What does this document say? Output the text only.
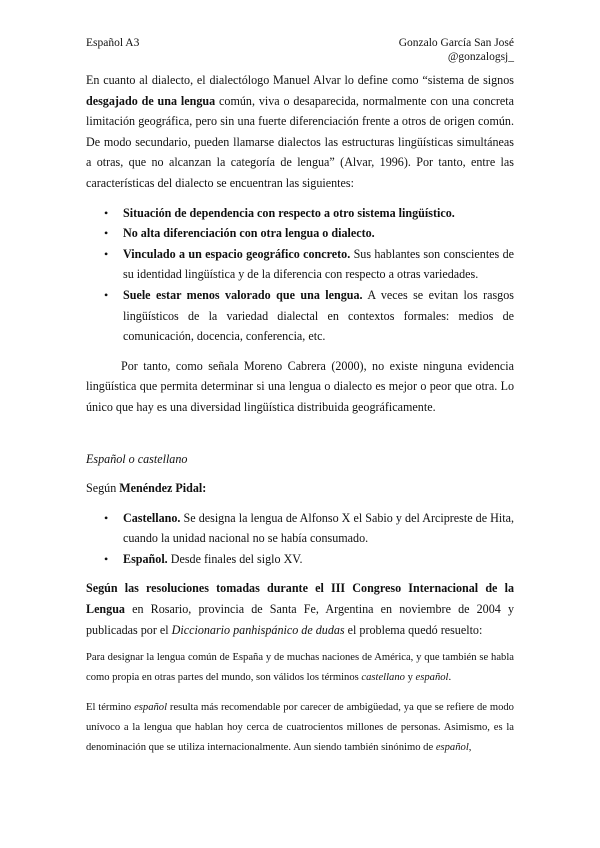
Español A3	Gonzalo García San José
@gonzalogsj_

En cuanto al dialecto, el dialectólogo Manuel Alvar lo define como “sistema de signos desgajado de una lengua común, viva o desaparecida, normalmente con una concreta limitación geográfica, pero sin una fuerte diferenciación frente a otros de origen común. De modo secundario, pueden llamarse dialectos las estructuras lingüísticas simultáneas a otras, que no alcanzan la categoría de lengua” (Alvar, 1996). Por tanto, entre las características del dialecto se encuentran las siguientes:

• Situación de dependencia con respecto a otro sistema lingüístico.
• No alta diferenciación con otra lengua o dialecto.
• Vinculado a un espacio geográfico concreto. Sus hablantes son conscientes de su identidad lingüística y de la diferencia con respecto a otras variedades.
• Suele estar menos valorado que una lengua. A veces se evitan los rasgos lingüísticos de la variedad dialectal en contextos formales: medios de comunicación, docencia, conferencia, etc.

Por tanto, como señala Moreno Cabrera (2000), no existe ninguna evidencia lingüística que permita determinar si una lengua o dialecto es mejor o peor que otra. Lo único que hay es una diversidad lingüística distribuida geográficamente.

Español o castellano

Según Menéndez Pidal:

• Castellano. Se designa la lengua de Alfonso X el Sabio y del Arcipreste de Hita, cuando la unidad nacional no se había consumado.
• Español. Desde finales del siglo XV.

Según las resoluciones tomadas durante el III Congreso Internacional de la Lengua en Rosario, provincia de Santa Fe, Argentina en noviembre de 2004 y publicadas por el Diccionario panhispánico de dudas el problema quedó resuelto:

Para designar la lengua común de España y de muchas naciones de América, y que también se habla como propia en otras partes del mundo, son válidos los términos castellano y español.

El término español resulta más recomendable por carecer de ambigüedad, ya que se refiere de modo unívoco a la lengua que hablan hoy cerca de cuatrocientos millones de personas. Asimismo, es la denominación que se utiliza internacionalmente. Aun siendo también sinónimo de español,
